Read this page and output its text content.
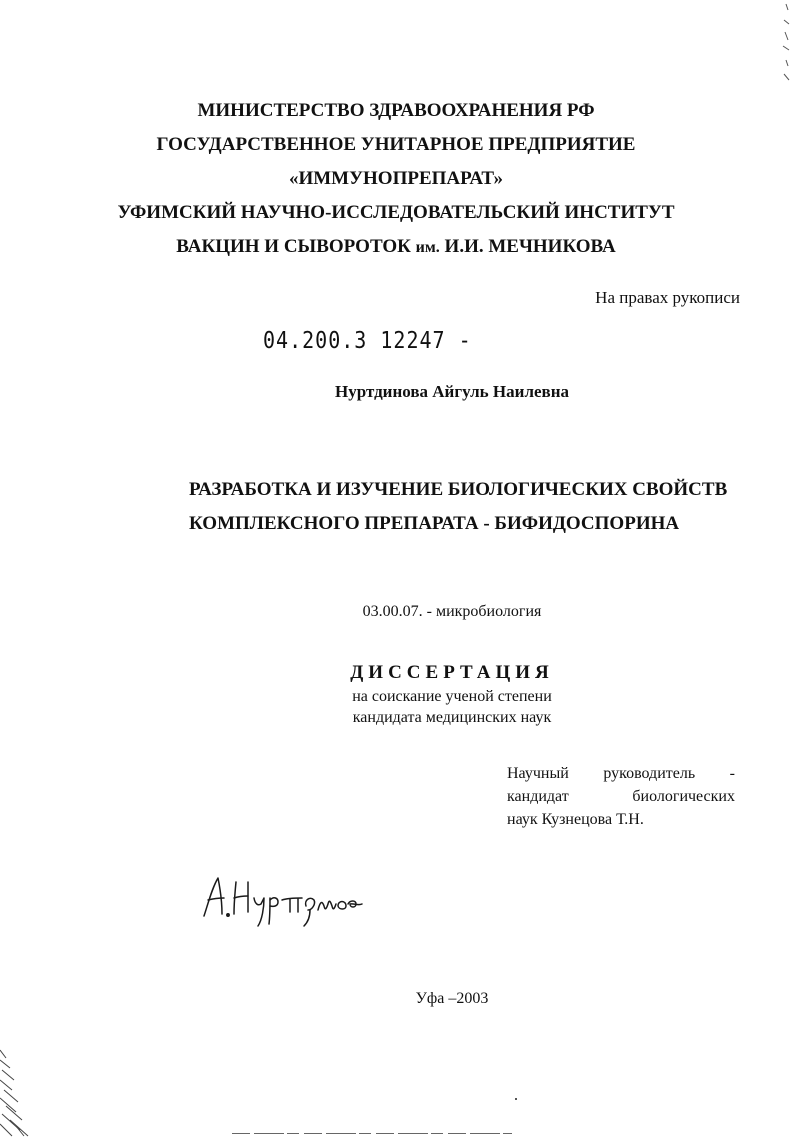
МИНИСТЕРСТВО ЗДРАВООХРАНЕНИЯ РФ
ГОСУДАРСТВЕННОЕ УНИТАРНОЕ ПРЕДПРИЯТИЕ
«ИММУНОПРЕПАРАТ»
УФИМСКИЙ НАУЧНО-ИССЛЕДОВАТЕЛЬСКИЙ ИНСТИТУТ
ВАКЦИН И СЫВОРОТОК им. И.И. МЕЧНИКОВА
На правах рукописи
04.200.3 12247 -
Нуртдинова Айгуль Наилевна
РАЗРАБОТКА И ИЗУЧЕНИЕ БИОЛОГИЧЕСКИХ СВОЙСТВ
КОМПЛЕКСНОГО ПРЕПАРАТА - БИФИДОСПОРИНА
03.00.07. - микробиология
ДИССЕРТАЦИЯ
на соискание ученой степени
кандидата медицинских наук
Научный руководитель -
кандидат	биологических
наук Кузнецова Т.Н.
Уфа –2003
